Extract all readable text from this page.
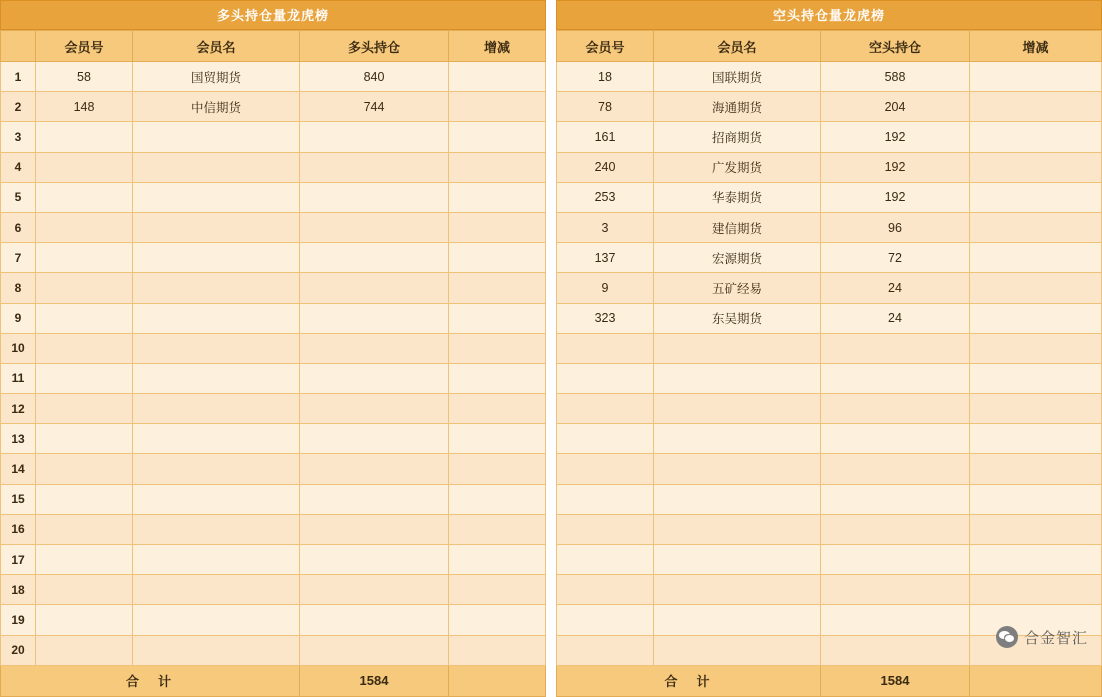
多头持仓量龙虎榜
	会员号	会员名	多头持仓	增减
1	58	国贸期货	840	
2	148	中信期货	744	
3				
4				
5				
6				
7				
8				
9				
10				
11				
12				
13				
14				
15				
16				
17				
18				
19				
20				
合　计			1584	
空头持仓量龙虎榜
会员号	会员名	空头持仓	增减
18	国联期货	588	
78	海通期货	204	
161	招商期货	192	
240	广发期货	192	
253	华泰期货	192	
3	建信期货	96	
137	宏源期货	72	
9	五矿经易	24	
323	东吴期货	24	

合　计		1584	
合金智汇
